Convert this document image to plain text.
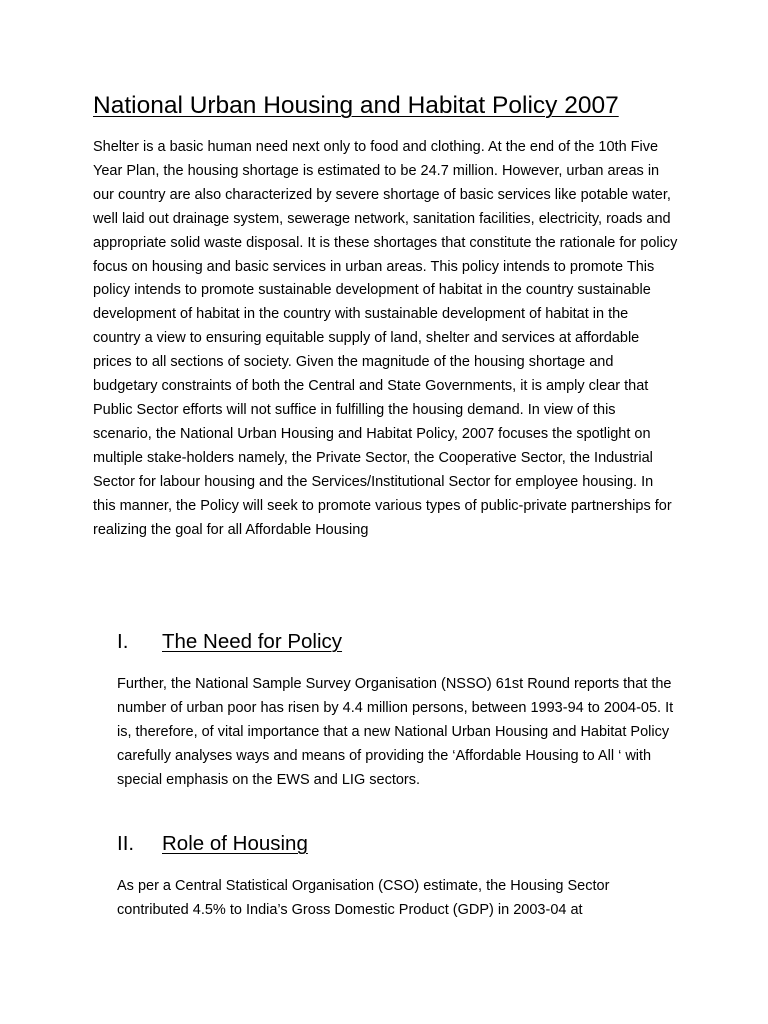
National Urban Housing and Habitat Policy 2007

Shelter is a basic human need next only to food and clothing. At the end of the 10th Five Year Plan, the housing shortage is estimated to be 24.7 million. However, urban areas in our country are also characterized by severe shortage of basic services like potable water, well laid out drainage system, sewerage network, sanitation facilities, electricity, roads and appropriate solid waste disposal. It is these shortages that constitute the rationale for policy focus on housing and basic services in urban areas. This policy intends to promote This policy intends to promote sustainable development of habitat in the country sustainable development of habitat in the country with sustainable development of habitat in the country a view to ensuring equitable supply of land, shelter and services at affordable prices to all sections of society. Given the magnitude of the housing shortage and budgetary constraints of both the Central and State Governments, it is amply clear that Public Sector efforts will not suffice in fulfilling the housing demand. In view of this scenario, the National Urban Housing and Habitat Policy, 2007 focuses the spotlight on multiple stake-holders namely, the Private Sector, the Cooperative Sector, the Industrial Sector for labour housing and the Services/Institutional Sector for employee housing. In this manner, the Policy will seek to promote various types of public-private partnerships for realizing the goal for all Affordable Housing

I. The Need for Policy

Further, the National Sample Survey Organisation (NSSO) 61st Round reports that the number of urban poor has risen by 4.4 million persons, between 1993-94 to 2004-05. It is, therefore, of vital importance that a new National Urban Housing and Habitat Policy carefully analyses ways and means of providing the ‘Affordable Housing to All ‘ with special emphasis on the EWS and LIG sectors.

II. Role of Housing

As per a Central Statistical Organisation (CSO) estimate, the Housing Sector contributed 4.5% to India’s Gross Domestic Product (GDP) in 2003-04 at
